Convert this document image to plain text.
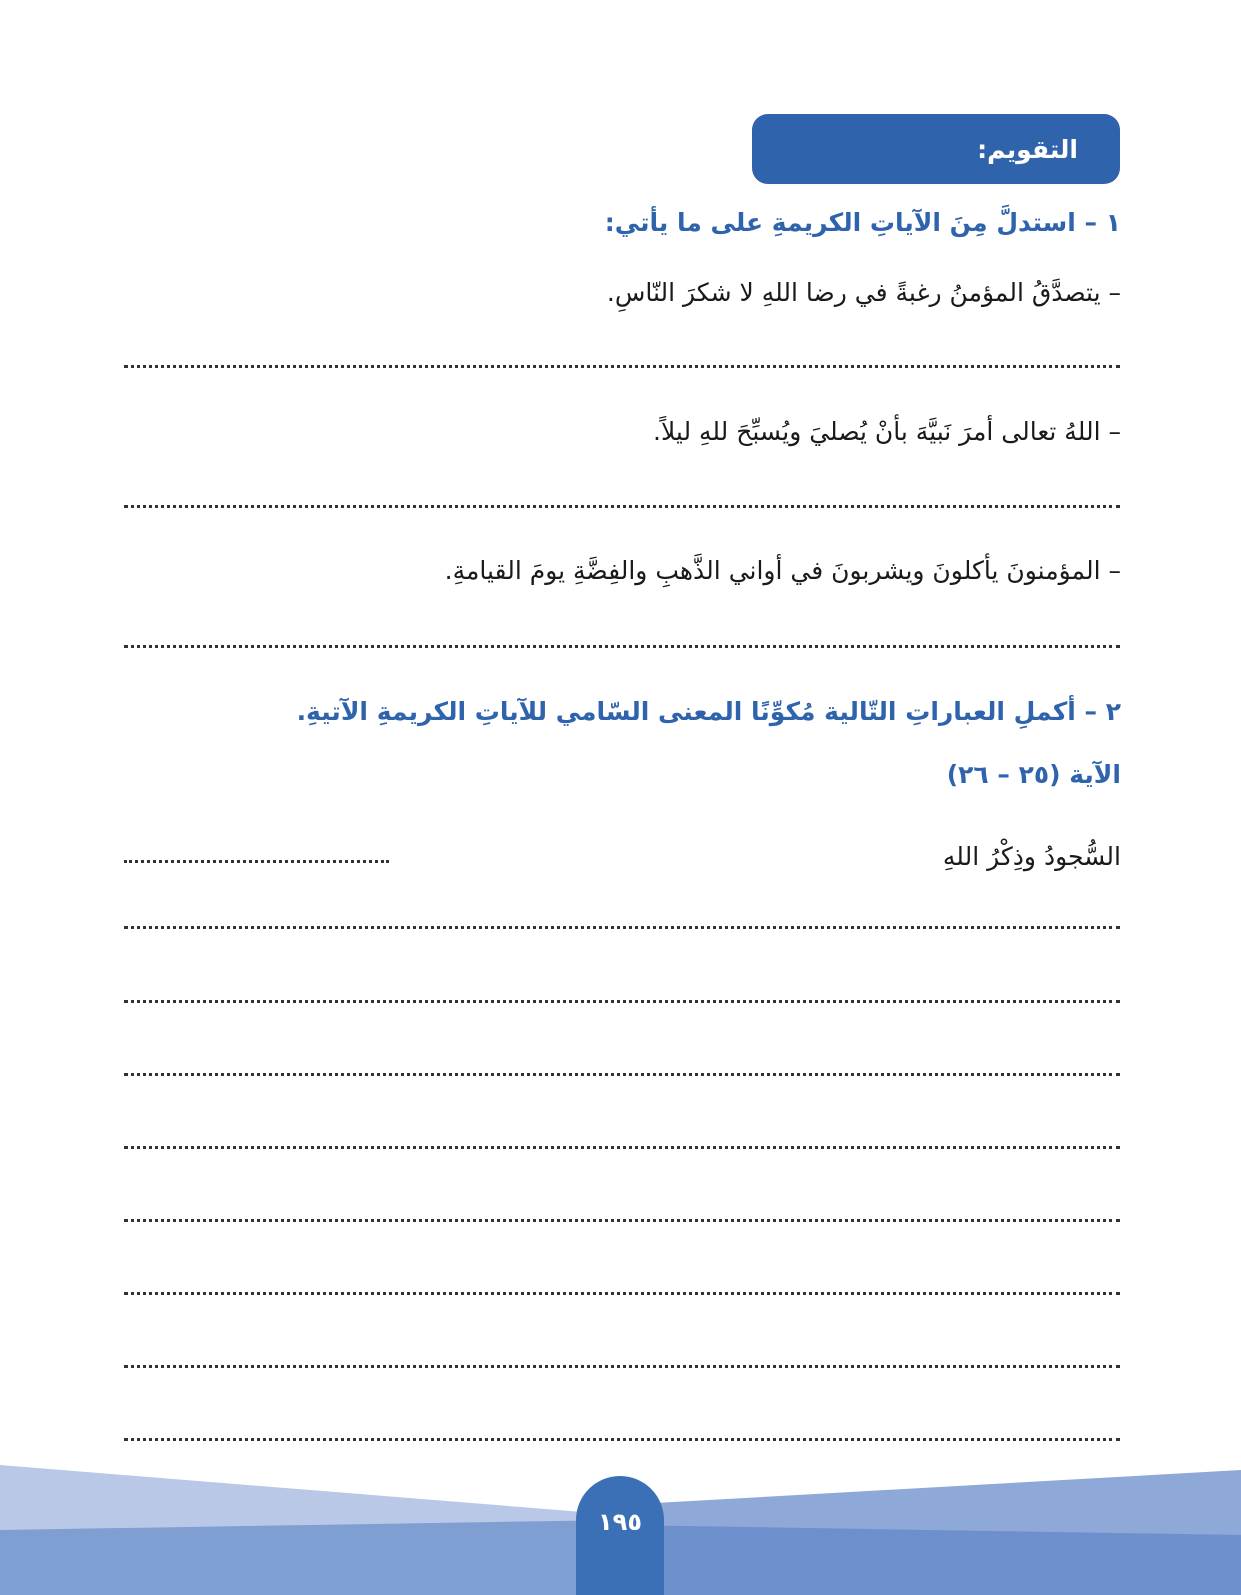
التقويم:
١ – استدلَّ مِنَ الآياتِ الكريمةِ على ما يأتي:
– يتصدَّقُ المؤمنُ رغبةً في رضا اللهِ لا شكرَ النّاسِ.
– اللهُ تعالى أمرَ نَبيَّهَ بأنْ يُصليَ ويُسبِّحَ للهِ ليلاً.
– المؤمنونَ يأكلونَ ويشربونَ في أواني الذَّهبِ والفِضَّةِ يومَ القيامةِ.
٢ – أكملِ العباراتِ التّالية مُكوِّنًا المعنى السّامي للآياتِ الكريمةِ الآتيةِ.
الآية (٢٥ – ٢٦)
السُّجودُ وذِكْرُ اللهِ
١٩٥
